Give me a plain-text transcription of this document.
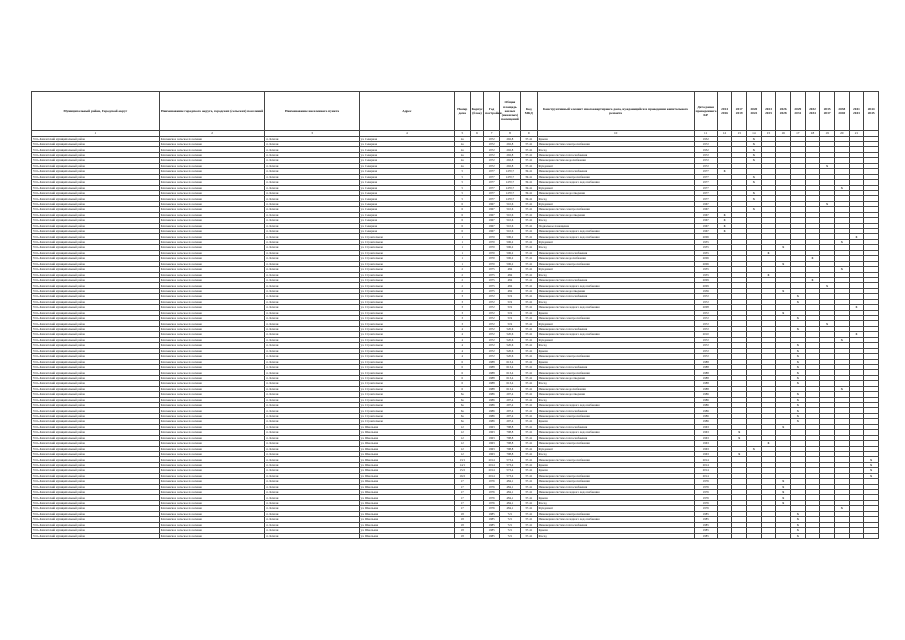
Муниципальный район, Городской округ	Наименование городского округа, городских (сельских) поселений	Наименование населенного пункта	Адрес	Номер дома	Корпус (блок)	Год постройки	Общая площадь жилых (нежилых) помещений	Код МКД	Конструктивный элемент многоквартирного дома, нуждающийся в проведении капитального ремонта	Дата ранее проведенного КР	2014 2016	2017 2019	2020 2022	2023 2025	2026 2028	2029 2031	2032 2034	2035 2037	2038 2040	2041 2043	2044 2045
1	2	3	4	5	6	7	8	9	10	11	12	13	14	15	16	17	18	19	20	21	
Усть-Камчатский муниципальный район	Ключевское сельское поселение	п. Ключи	ул. Северная	4а		1972	292,8	37-41	Крыша	1952			X								
Усть-Камчатский муниципальный район	Ключевское сельское поселение	п. Ключи	ул. Северная	4а		1972	292,8	37-41	Инженерная система электроснабжения	1972			X								
Усть-Камчатский муниципальный район	Ключевское сельское поселение	п. Ключи	ул. Северная	4а		1972	292,8	37-41	Фасад	1952			X								
Усть-Камчатский муниципальный район	Ключевское сельское поселение	п. Ключи	ул. Северная	4а		1972	292,8	37-41	Инженерная система теплоснабжения	1972			X								
Усть-Камчатский муниципальный район	Ключевское сельское поселение	п. Ключи	ул. Северная	4а		1972	292,8	37-41	Инженерная система водоснабжения	1972			X								
Усть-Камчатский муниципальный район	Ключевское сельское поселение	п. Ключи	ул. Северная	4а		1972	292,8	37-41	Фундамент	1972								X			
Усть-Камчатский муниципальный район	Ключевское сельское поселение	п. Ключи	ул. Северная	5		1977	1470,7	39-41	Инженерная система теплоснабжения	1977	X										
Усть-Камчатский муниципальный район	Ключевское сельское поселение	п. Ключи	ул. Северная	5		1977	1470,7	39-41	Инженерная система электроснабжения	1977			X								
Усть-Камчатский муниципальный район	Ключевское сельское поселение	п. Ключи	ул. Северная	5		1977	1470,7	39-41	Инженерная система холодного водоснабжения	1977			X								
Усть-Камчатский муниципальный район	Ключевское сельское поселение	п. Ключи	ул. Северная	5		1977	1470,7	39-41	Фундамент	1977									X		
Усть-Камчатский муниципальный район	Ключевское сельское поселение	п. Ключи	ул. Северная	5		1977	1470,7	39-41	Инженерная система водоотведения	1977			X								
Усть-Камчатский муниципальный район	Ключевское сельское поселение	п. Ключи	ул. Северная	5		1977	1470,7	39-41	Фасад	1977			X								
Усть-Камчатский муниципальный район	Ключевское сельское поселение	п. Ключи	ул. Северная	6		1967	510,6	37-41	Фундамент	1967								X			
Усть-Камчатский муниципальный район	Ключевское сельское поселение	п. Ключи	ул. Северная	6		1967	510,6	37-41	Инженерная система электроснабжения	1967			X								
Усть-Камчатский муниципальный район	Ключевское сельское поселение	п. Ключи	ул. Северная	6		1967	510,6	37-41	Инженерная система водоотведения	1967	X										
Усть-Камчатский муниципальный район	Ключевское сельское поселение	п. Ключи	ул. Северная	6		1967	510,6	37-41	Фасад	1967	X										
Усть-Камчатский муниципальный район	Ключевское сельское поселение	п. Ключи	ул. Северная	6		1967	510,6	37-41	Подвальное помещение	1967	X										
Усть-Камчатский муниципальный район	Ключевское сельское поселение	п. Ключи	ул. Северная	6		1967	510,6	37-41	Инженерная система холодного водоснабжения	1967	X										
Усть-Камчатский муниципальный район	Ключевское сельское поселение	п. Ключи	ул. Строительная	1		1970	506,2	37-41	Инженерная система холодного водоснабжения	2006										X	
Усть-Камчатский муниципальный район	Ключевское сельское поселение	п. Ключи	ул. Строительная	1		1970	506,2	37-41	Фундамент	1955									X		
Усть-Камчатский муниципальный район	Ключевское сельское поселение	п. Ключи	ул. Строительная	1		1970	506,2	37-41	Фасад	1955					X						
Усть-Камчатский муниципальный район	Ключевское сельское поселение	п. Ключи	ул. Строительная	1		1970	506,2	37-41	Инженерная система теплоснабжения	1955				X							
Усть-Камчатский муниципальный район	Ключевское сельское поселение	п. Ключи	ул. Строительная	1		1970	506,2	37-41	Инженерная система водоснабжения	2006							X				
Усть-Камчатский муниципальный район	Ключевское сельское поселение	п. Ключи	ул. Строительная	1		1970	506,2	37-41	Инженерная система электроснабжения	2006					X						
Усть-Камчатский муниципальный район	Ключевское сельское поселение	п. Ключи	ул. Строительная	2		1975	484	37-41	Фундамент	1955									X		
Усть-Камчатский муниципальный район	Ключевское сельское поселение	п. Ключи	ул. Строительная	2		1975	484	37-41	Фасад	1955				X							
Усть-Камчатский муниципальный район	Ключевское сельское поселение	п. Ключи	ул. Строительная	2		1975	484	37-41	Инженерная система теплоснабжения	2009							X				
Усть-Камчатский муниципальный район	Ключевское сельское поселение	п. Ключи	ул. Строительная	2		1975	484	37-41	Инженерная система холодного водоснабжения	2009								X			
Усть-Камчатский муниципальный район	Ключевское сельское поселение	п. Ключи	ул. Строительная	2		1975	484	37-41	Инженерная система водоотведения	1956					X						
Усть-Камчатский муниципальный район	Ключевское сельское поселение	п. Ключи	ул. Строительная	3		1972	519	37-41	Инженерная система теплоснабжения	1972						X					
Усть-Камчатский муниципальный район	Ключевское сельское поселение	п. Ключи	ул. Строительная	3		1972	519	37-41	Фасад	1972						X					
Усть-Камчатский муниципальный район	Ключевское сельское поселение	п. Ключи	ул. Строительная	3		1972	519	37-41	Инженерная система холодного водоснабжения	2008										X	
Усть-Камчатский муниципальный район	Ключевское сельское поселение	п. Ключи	ул. Строительная	3		1972	519	37-41	Крыша	1972					X						
Усть-Камчатский муниципальный район	Ключевское сельское поселение	п. Ключи	ул. Строительная	3		1972	519	37-41	Инженерная система электроснабжения	1972						X					
Усть-Камчатский муниципальный район	Ключевское сельское поселение	п. Ключи	ул. Строительная	3		1972	519	37-41	Фундамент	1972								X			
Усть-Камчатский муниципальный район	Ключевское сельское поселение	п. Ключи	ул. Строительная	4		1972	520,6	37-41	Инженерная система теплоснабжения	1972						X					
Усть-Камчатский муниципальный район	Ключевское сельское поселение	п. Ключи	ул. Строительная	4		1972	520,6	37-41	Инженерная система холодного водоснабжения	2010										X	
Усть-Камчатский муниципальный район	Ключевское сельское поселение	п. Ключи	ул. Строительная	4		1972	520,6	37-41	Фундамент	1972									X		
Усть-Камчатский муниципальный район	Ключевское сельское поселение	п. Ключи	ул. Строительная	4		1972	520,6	37-41	Фасад	1972						X					
Усть-Камчатский муниципальный район	Ключевское сельское поселение	п. Ключи	ул. Строительная	4		1972	520,6	37-41	Крыша	1972						X					
Усть-Камчатский муниципальный район	Ключевское сельское поселение	п. Ключи	ул. Строительная	4		1972	520,6	37-41	Инженерная система электроснабжения	1972						X					
Усть-Камчатский муниципальный район	Ключевское сельское поселение	п. Ключи	ул. Строительная	6		1988	613,4	37-41	Крыша	1988						X					
Усть-Камчатский муниципальный район	Ключевское сельское поселение	п. Ключи	ул. Строительная	6		1988	613,4	37-41	Инженерная система теплоснабжения	1988						X					
Усть-Камчатский муниципальный район	Ключевское сельское поселение	п. Ключи	ул. Строительная	6		1988	613,4	37-41	Инженерная система электроснабжения	1988						X					
Усть-Камчатский муниципальный район	Ключевское сельское поселение	п. Ключи	ул. Строительная	6		1988	613,4	37-41	Инженерная система водоотведения	1988						X					
Усть-Камчатский муниципальный район	Ключевское сельское поселение	п. Ключи	ул. Строительная	6		1988	613,4	37-41	Фасад	1988						X					
Усть-Камчатский муниципальный район	Ключевское сельское поселение	п. Ключи	ул. Строительная	6		1988	613,4	37-41	Инженерная система водоснабжения	1988									X		
Усть-Камчатский муниципальный район	Ключевское сельское поселение	п. Ключи	ул. Строительная	6а		1986	297,4	37-41	Инженерная система водоотведения	1986						X					
Усть-Камчатский муниципальный район	Ключевское сельское поселение	п. Ключи	ул. Строительная	6а		1986	297,4	37-41	Фасад	1986						X					
Усть-Камчатский муниципальный район	Ключевское сельское поселение	п. Ключи	ул. Строительная	6а		1986	297,4	37-41	Инженерная система холодного водоснабжения	1986						X					
Усть-Камчатский муниципальный район	Ключевское сельское поселение	п. Ключи	ул. Строительная	6а		1986	297,4	37-41	Инженерная система теплоснабжения	1986						X					
Усть-Камчатский муниципальный район	Ключевское сельское поселение	п. Ключи	ул. Строительная	6а		1986	297,4	37-41	Инженерная система электроснабжения	1986						X					
Усть-Камчатский муниципальный район	Ключевское сельское поселение	п. Ключи	ул. Строительная	6а		1986	297,4	37-41	Крыша	1986						X					
Усть-Камчатский муниципальный район	Ключевское сельское поселение	п. Ключи	ул. Школьная	12		1963	798,8	37-41	Инженерная система теплоснабжения	1963					X						
Усть-Камчатский муниципальный район	Ключевское сельское поселение	п. Ключи	ул. Школьная	12		1963	798,8	37-41	Инженерная система холодного водоснабжения	1963		X									
Усть-Камчатский муниципальный район	Ключевское сельское поселение	п. Ключи	ул. Школьная	12		1963	798,8	37-41	Инженерная система теплоснабжения	1963		X									
Усть-Камчатский муниципальный район	Ключевское сельское поселение	п. Ключи	ул. Школьная	12		1963	798,8	37-41	Инженерная система электроснабжения	1963				X							
Усть-Камчатский муниципальный район	Ключевское сельское поселение	п. Ключи	ул. Школьная	12		1963	798,8	37-41	Фундамент	1963			X								
Усть-Камчатский муниципальный район	Ключевское сельское поселение	п. Ключи	ул. Школьная	12		1963	798,8	37-41	Фасад	1963		X									
Усть-Камчатский муниципальный район	Ключевское сельское поселение	п. Ключи	ул. Школьная	13/1		2014	573,4	37-41	Инженерная система электроснабжения	2014											X
Усть-Камчатский муниципальный район	Ключевское сельское поселение	п. Ключи	ул. Школьная	14/1		2014	573,4	37-41	Крыша	2014											X
Усть-Камчатский муниципальный район	Ключевское сельское поселение	п. Ключи	ул. Школьная	15/2		2014	573,4	37-41	Крыша	2014											X
Усть-Камчатский муниципальный район	Ключевское сельское поселение	п. Ключи	ул. Школьная	16/2		2014	573,4	37-41	Инженерная система электроснабжения	2014											X
Усть-Камчатский муниципальный район	Ключевское сельское поселение	п. Ключи	ул. Школьная	17		1976	484,1	37-41	Инженерная система электроснабжения	1976					X						
Усть-Камчатский муниципальный район	Ключевское сельское поселение	п. Ключи	ул. Школьная	17		1976	484,1	37-41	Инженерная система теплоснабжения	1976					X						
Усть-Камчатский муниципальный район	Ключевское сельское поселение	п. Ключи	ул. Школьная	17		1976	484,1	37-41	Инженерная система холодного водоснабжения	1976					X						
Усть-Камчатский муниципальный район	Ключевское сельское поселение	п. Ключи	ул. Школьная	17		1976	484,1	37-41	Крыша	1976					X						
Усть-Камчатский муниципальный район	Ключевское сельское поселение	п. Ключи	ул. Школьная	17		1976	484,1	37-41	Фасад	1976					X						
Усть-Камчатский муниципальный район	Ключевское сельское поселение	п. Ключи	ул. Школьная	17		1976	484,1	37-41	Фундамент	1976									X		
Усть-Камчатский муниципальный район	Ключевское сельское поселение	п. Ключи	ул. Школьная	18		1985	721	37-41	Инженерная система электроснабжения	1985						X					
Усть-Камчатский муниципальный район	Ключевское сельское поселение	п. Ключи	ул. Школьная	18		1985	721	37-41	Инженерная система холодного водоснабжения	1985						X					
Усть-Камчатский муниципальный район	Ключевское сельское поселение	п. Ключи	ул. Школьная	18		1985	721	37-41	Инженерная система теплоснабжения	1985						X					
Усть-Камчатский муниципальный район	Ключевское сельское поселение	п. Ключи	ул. Школьная	18		1985	721	37-41	Крыша	1985						X					
Усть-Камчатский муниципальный район	Ключевское сельское поселение	п. Ключи	ул. Школьная	18		1985	721	37-41	Фасад	1985						X					
